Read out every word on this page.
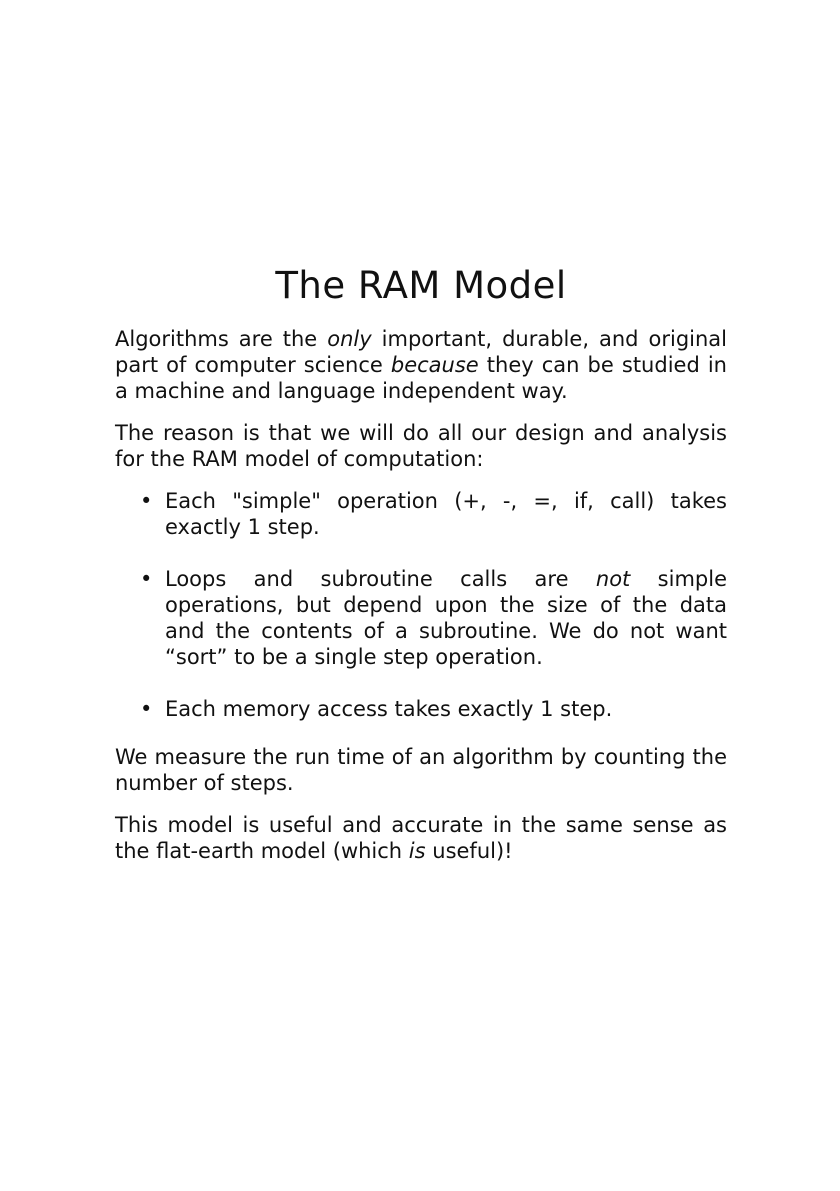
The RAM Model

Algorithms are the only important, durable, and original part of computer science because they can be studied in a machine and language independent way.

The reason is that we will do all our design and analysis for the RAM model of computation:

• Each "simple" operation (+, -, =, if, call) takes exactly 1 step.
• Loops and subroutine calls are not simple operations, but depend upon the size of the data and the contents of a subroutine. We do not want “sort” to be a single step operation.
• Each memory access takes exactly 1 step.

We measure the run time of an algorithm by counting the number of steps.

This model is useful and accurate in the same sense as the flat-earth model (which is useful)!
